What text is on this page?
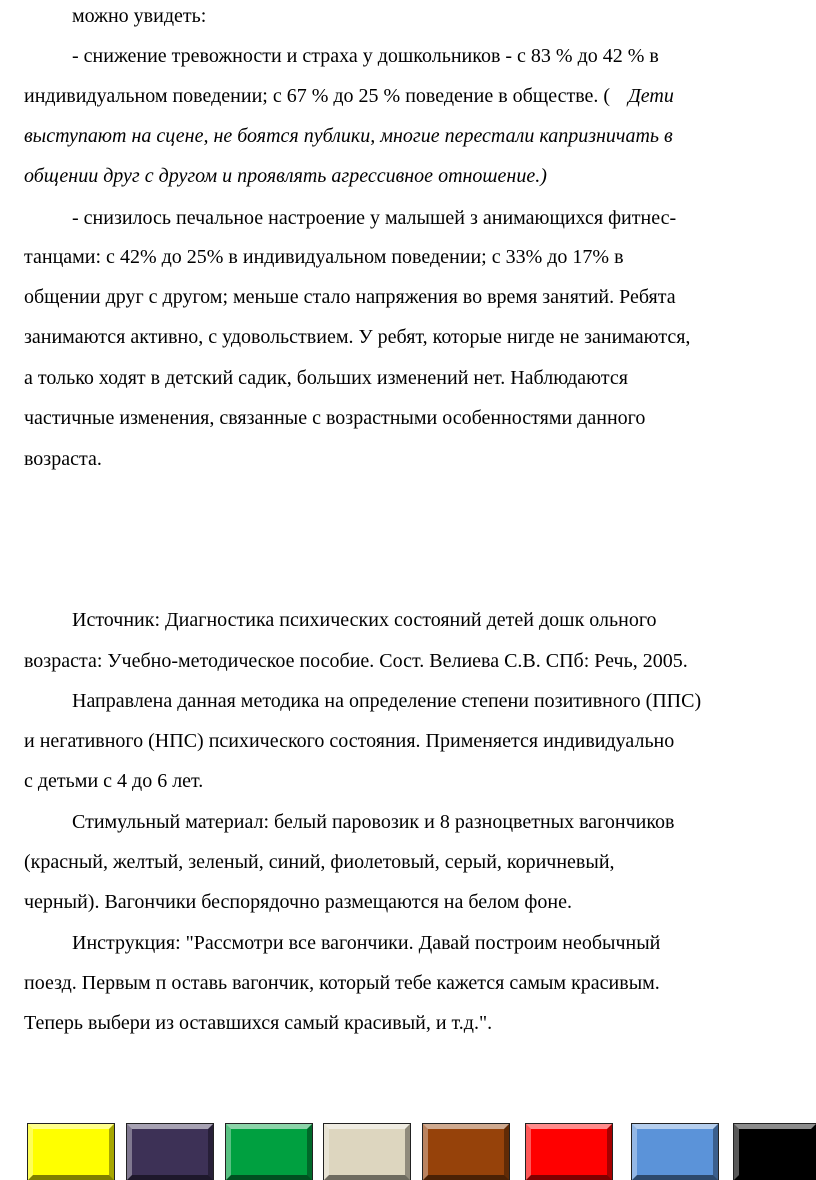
можно увидеть:
- снижение тревожности и страха у дошкольников - с 83 % до 42 % в
индивидуальном поведении; с 67 % до 25 % поведение в обществе. ( Дети
выступают на сцене, не боятся публики, многие перестали капризничать в
общении друг с другом и проявлять агрессивное отношение.)
- снизилось печальное настроение у малышей з анимающихся фитнес-
танцами: с 42% до 25% в индивидуальном поведении; с 33% до 17% в
общении друг с другом; меньше стало напряжения во время занятий. Ребята
занимаются активно, с удовольствием. У ребят, которые нигде не занимаются,
а только ходят в детский садик, больших изменений нет. Наблюдаются
частичные изменения, связанные с возрастными особенностями данного
возраста.
Источник: Диагностика психических состояний детей дошк ольного
возраста: Учебно-методическое пособие. Сост. Велиева С.В. СПб: Речь, 2005.
Направлена данная методика на определение степени позитивного (ППС)
и негативного (НПС) психического состояния. Применяется индивидуально
с детьми с 4 до 6 лет.
Стимульный материал: белый паровозик и 8 разноцветных вагончиков
(красный, желтый, зеленый, синий, фиолетовый, серый, коричневый,
черный). Вагончики беспорядочно размещаются на белом фоне.
Инструкция: "Рассмотри все вагончики. Давай построим необычный
поезд. Первым п оставь вагончик, который тебе кажется самым красивым.
Теперь выбери из оставшихся самый красивый, и т.д.".
